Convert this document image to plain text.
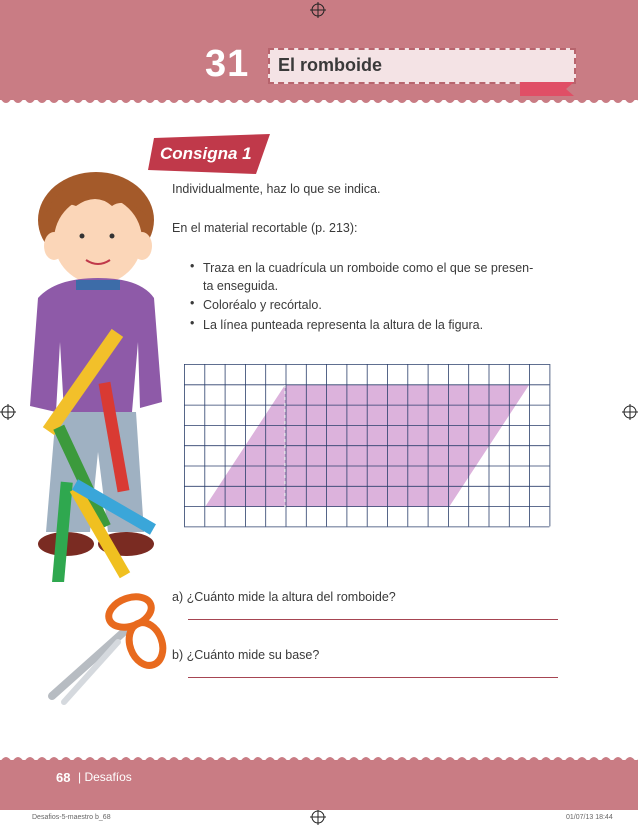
31 El romboide
Consigna 1
Individualmente, haz lo que se indica.
En el material recortable (p. 213):
• Traza en la cuadrícula un romboide como el que se presen-
ta enseguida.
• Coloréalo y recórtalo.
• La línea punteada representa la altura de la figura.
a) ¿Cuánto mide la altura del romboide?
b) ¿Cuánto mide su base?
68 | Desafíos
Desafios-5-maestro b_68	01/07/13 18:44
